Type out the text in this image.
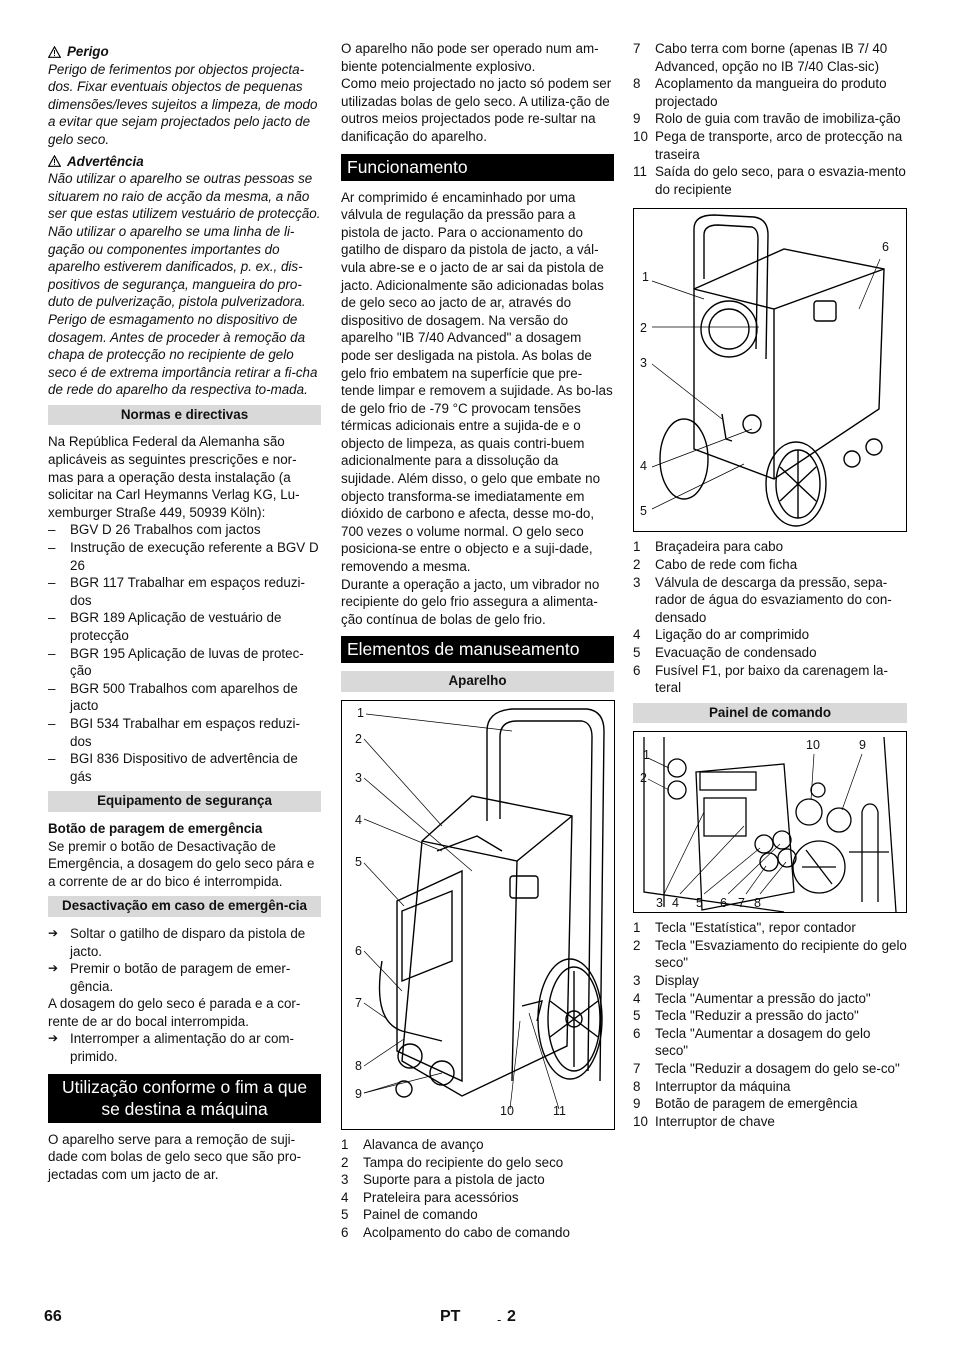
Perigo

Perigo de ferimentos por objectos projecta-dos. Fixar eventuais objectos de pequenas dimensões/leves sujeitos a limpeza, de modo a evitar que sejam projectados pelo jacto de gelo seco.

Advertência

Não utilizar o aparelho se outras pessoas se situarem no raio de acção da mesma, a não ser que estas utilizem vestuário de protecção.

Não utilizar o aparelho se uma linha de li-gação ou componentes importantes do aparelho estiverem danificados, p. ex., dis-positivos de segurança, mangueira do pro-duto de pulverização, pistola pulverizadora.

Perigo de esmagamento no dispositivo de dosagem. Antes de proceder à remoção da chapa de protecção no recipiente de gelo seco é de extrema importância retirar a fi-cha de rede do aparelho da respectiva to-mada.

Normas e directivas

Na República Federal da Alemanha são aplicáveis as seguintes prescrições e nor-mas para a operação desta instalação (a solicitar na Carl Heymanns Verlag KG, Lu-xemburger Straße 449, 50939 Köln):

– BGV D 26 Trabalhos com jactos
– Instrução de execução referente a BGV D 26
– BGR 117 Trabalhar em espaços reduzi-dos
– BGR 189 Aplicação de vestuário de protecção
– BGR 195 Aplicação de luvas de protec-ção
– BGR 500 Trabalhos com aparelhos de jacto
– BGI 534 Trabalhar em espaços reduzi-dos
– BGI 836 Dispositivo de advertência de gás
Equipamento de segurança

Botão de paragem de emergência

Se premir o botão de Desactivação de Emergência, a dosagem do gelo seco pára e a corrente de ar do bico é interrompida.

Desactivação em caso de emergên-cia
➔ Soltar o gatilho de disparo da pistola de jacto.
➔ Premir o botão de paragem de emer-gência.

A dosagem do gelo seco é parada e a cor-rente de ar do bocal interrompida.

➔ Interromper a alimentação do ar com-primido.
Utilização conforme o fim a que se destina a máquina

O aparelho serve para a remoção de suji-dade com bolas de gelo seco que são pro-jectadas com um jacto de ar.

O aparelho não pode ser operado num am-biente potencialmente explosivo.

Como meio projectado no jacto só podem ser utilizadas bolas de gelo seco. A utiliza-ção de outros meios projectados pode re-sultar na danificação do aparelho.

Funcionamento

Ar comprimido é encaminhado por uma válvula de regulação da pressão para a pistola de jacto. Para o accionamento do gatilho de disparo da pistola de jacto, a vál-vula abre-se e o jacto de ar sai da pistola de jacto. Adicionalmente são adicionadas bolas de gelo seco ao jacto de ar, através do dispositivo de dosagem. Na versão do aparelho "IB 7/40 Advanced" a dosagem pode ser desligada na pistola. As bolas de gelo frio embatem na superfície que pre-tende limpar e removem a sujidade. As bo-las de gelo frio de -79 °C provocam tensões térmicas adicionais entre a sujida-de e o objecto de limpeza, as quais contri-buem adicionalmente para a dissolução da sujidade. Além disso, o gelo que embate no objecto transforma-se imediatamente em dióxido de carbono e afecta, desse mo-do, 700 vezes o volume normal. O gelo seco posiciona-se entre o objecto e a suji-dade, removendo a mesma.

Durante a operação a jacto, um vibrador no recipiente do gelo frio assegura a alimenta-ção contínua de bolas de gelo frio.

Elementos de manuseamento
Aparelho
1
2
3
4
5
6
7
8
9
10	11
1	Alavanca de avanço
2	Tampa do recipiente do gelo seco
3	Suporte para a pistola de jacto
4	Prateleira para acessórios
5	Painel de comando
6	Acolpamento do cabo de comando
7	Cabo terra com borne (apenas IB 7/ 40 Advanced, opção no IB 7/40 Clas-sic)
8	Acoplamento da mangueira do produto projectado
9	Rolo de guia com travão de imobiliza-ção
10 Pega de transporte, arco de protecção na traseira
11 Saída do gelo seco, para o esvazia-mento do recipiente
1
2
3
4
5
6
1	Braçadeira para cabo
2	Cabo de rede com ficha
3	Válvula de descarga da pressão, sepa-rador de água do esvaziamento do con-densado
4	Ligação do ar comprimido
5	Evacuação de condensado
6	Fusível F1, por baixo da carenagem la-teral
Painel de comando
1
2
10	9
3 4 5 6 7 8
1	Tecla "Estatística", repor contador
2	Tecla "Esvaziamento do recipiente do gelo seco"
3	Display
4	Tecla "Aumentar a pressão do jacto"
5	Tecla "Reduzir a pressão do jacto"
6	Tecla "Aumentar a dosagem do gelo seco"
7	Tecla "Reduzir a dosagem do gelo se-co"
8	Interruptor da máquina
9	Botão de paragem de emergência
10 Interruptor de chave
66	PT	- 2
